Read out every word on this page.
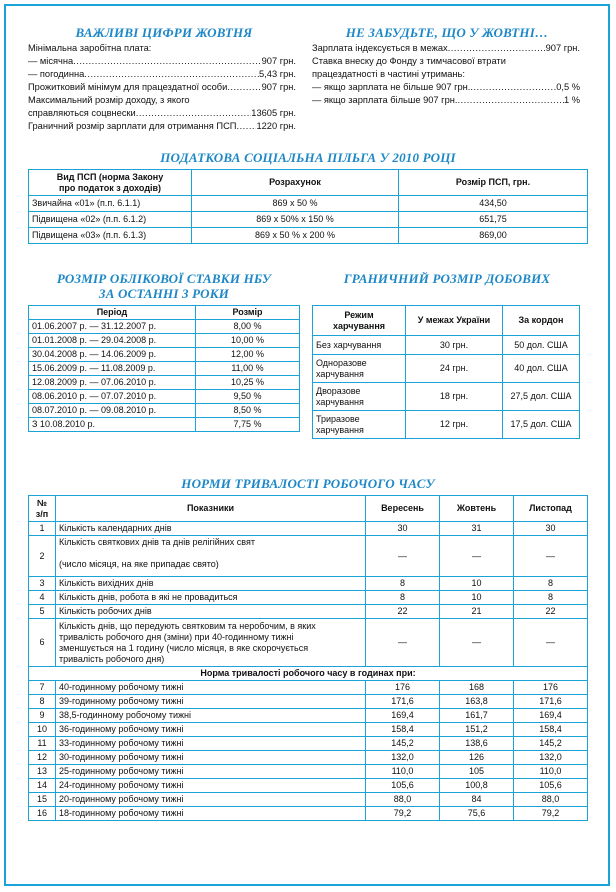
ВАЖЛИВІ ЦИФРИ ЖОВТНЯ
Мінімальна заробітна плата:
— місячна .....	907 грн.
— погодинна .....	5,43 грн.
Прожитковий мінімум для працездатної особи .....	907 грн.
Максимальний розмір доходу, з якого
справляються соцвнески .....	13605 грн.
Граничний розмір зарплати для отримання ПСП ..... 1220 грн.
НЕ ЗАБУДЬТЕ, ЩО У ЖОВТНІ…
Зарплата індексується в межах .....	907 грн.
Ставка внеску до Фонду з тимчасової втрати
працездатності в частині утримань:
— якщо зарплата не більше 907 грн. .....	0,5 %
— якщо зарплата більше 907 грн. .....	1 %
ПОДАТКОВА СОЦІАЛЬНА ПІЛЬГА У 2010 РОЦІ
Вид ПСП (норма Закону
про податок з доходів)	Розрахунок	Розмір ПСП, грн.
Звичайна «01» (п.п. 6.1.1)	869 х 50 %	434,50
Підвищена «02» (п.п. 6.1.2)	869 х 50% х 150 %	651,75
Підвищена «03» (п.п. 6.1.3)	869 х 50 % х 200 %	869,00
РОЗМІР ОБЛІКОВОЇ СТАВКИ НБУ
ЗА ОСТАННІ 3 РОКИ
Період	Розмір
01.06.2007 р. — 31.12.2007 р.	8,00 %
01.01.2008 р. — 29.04.2008 р.	10,00 %
30.04.2008 р. — 14.06.2009 р.	12,00 %
15.06.2009 р. — 11.08.2009 р.	11,00 %
12.08.2009 р. — 07.06.2010 р.	10,25 %
08.06.2010 р. — 07.07.2010 р.	9,50 %
08.07.2010 р. — 09.08.2010 р.	8,50 %
З 10.08.2010 р.	7,75 %
ГРАНИЧНИЙ РОЗМІР ДОБОВИХ
Режим
харчування	У межах України	За кордон
Без харчування	30 грн.	50 дол. США
Одноразове
харчування	24 грн.	40 дол. США
Дворазове
харчування	18 грн.	27,5 дол. США
Триразове
харчування	12 грн.	17,5 дол. США
НОРМИ ТРИВАЛОСТІ РОБОЧОГО ЧАСУ
№
з/п	Показники	Вересень	Жовтень	Листопад
1	Кількість календарних днів	30	31	30
2	Кількість святкових днів та днів релігійних свят

(число місяця, на яке припадає свято)	—	—	—
3	Кількість вихідних днів	8	10	8
4	Кількість днів, робота в які не провадиться	8	10	8
5	Кількість робочих днів	22	21	22
6	Кількість днів, що передують святковим та неробочим, в яких
тривалість робочого дня (зміни) при 40-годинному тижні
зменшується на 1 годину (число місяця, в яке скорочується
тривалість робочого дня)	—	—	—
Норма тривалості робочого часу в годинах при:				
7	40-годинному робочому тижні	176	168	176
8	39-годинному робочому тижні	171,6	163,8	171,6
9	38,5-годинному робочому тижні	169,4	161,7	169,4
10	36-годинному робочому тижні	158,4	151,2	158,4
11	33-годинному робочому тижні	145,2	138,6	145,2
12	30-годинному робочому тижні	132,0	126	132,0
13	25-годинному робочому тижні	110,0	105	110,0
14	24-годинному робочому тижні	105,6	100,8	105,6
15	20-годинному робочому тижні	88,0	84	88,0
16	18-годинному робочому тижні	79,2	75,6	79,2
